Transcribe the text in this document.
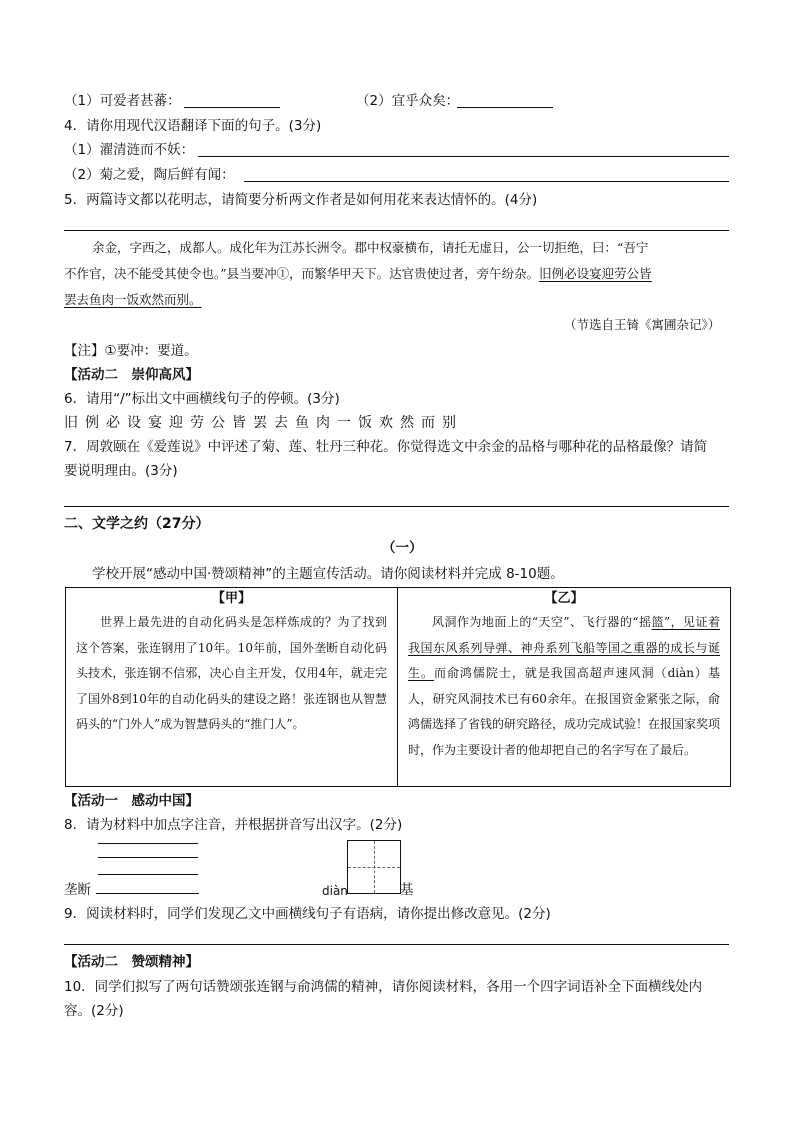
（1）可爱者甚蕃：	（2）宜乎众矣：
4．请你用现代汉语翻译下面的句子。(3分)
（1）濯清涟而不妖：
（2）菊之爱，陶后鲜有闻：
5．两篇诗文都以花明志，请简要分析两文作者是如何用花来表达情怀的。(4分)
余金，字西之，成都人。成化年为江苏长洲令。郡中权豪横布，请托无虚日，公一切拒绝，曰：“吾宁
不作官，决不能受其使令也。”县当要冲①，而繁华甲天下。达官贵使过者，旁午纷杂。旧例必设宴迎劳公皆
罢去鱼肉一饭欢然而别。
（节选自王锜《寓圃杂记》）
【注】①要冲：要道。
【活动二　崇仰高风】
6．请用“/”标出文中画横线句子的停顿。(3分)
旧例必设宴迎劳公皆罢去鱼肉一饭欢然而别
7．周敦颐在《爱莲说》中评述了菊、莲、牡丹三种花。你觉得选文中余金的品格与哪种花的品格最像？请简
要说明理由。(3分)
二、文学之约（27分）
（一）
学校开展“感动中国·赞颂精神”的主题宣传活动。请你阅读材料并完成 8-10题。
【甲】
世界上最先进的自动化码头是怎样炼成的？为了找到这个答案，张连钢用了10年。10年前，国外垄断自动化码头技术，张连钢不信邪，决心自主开发，仅用4年，就走完了国外8到10年的自动化码头的建设之路！张连钢也从智慧码头的“门外人”成为智慧码头的“推门人”。

【乙】
风洞作为地面上的“天空”、飞行器的“摇篮”，见证着我国东风系列导弹、神舟系列飞船等国之重器的成长与诞生。而俞鸿儒院士，就是我国高超声速风洞（diàn）基人，研究风洞技术已有60余年。在报国资金紧张之际，俞鸿儒选择了省钱的研究路径，成功完成试验！在报国家奖项时，作为主要设计者的他却把自己的名字写在了最后。
【活动一　感动中国】
8．请为材料中加点字注音，并根据拼音写出汉字。(2分)
垄断	diàn	基
9．阅读材料时，同学们发现乙文中画横线句子有语病，请你提出修改意见。(2分)
【活动二　赞颂精神】
10．同学们拟写了两句话赞颂张连钢与俞鸿儒的精神，请你阅读材料，各用一个四字词语补全下面横线处内
容。(2分)
